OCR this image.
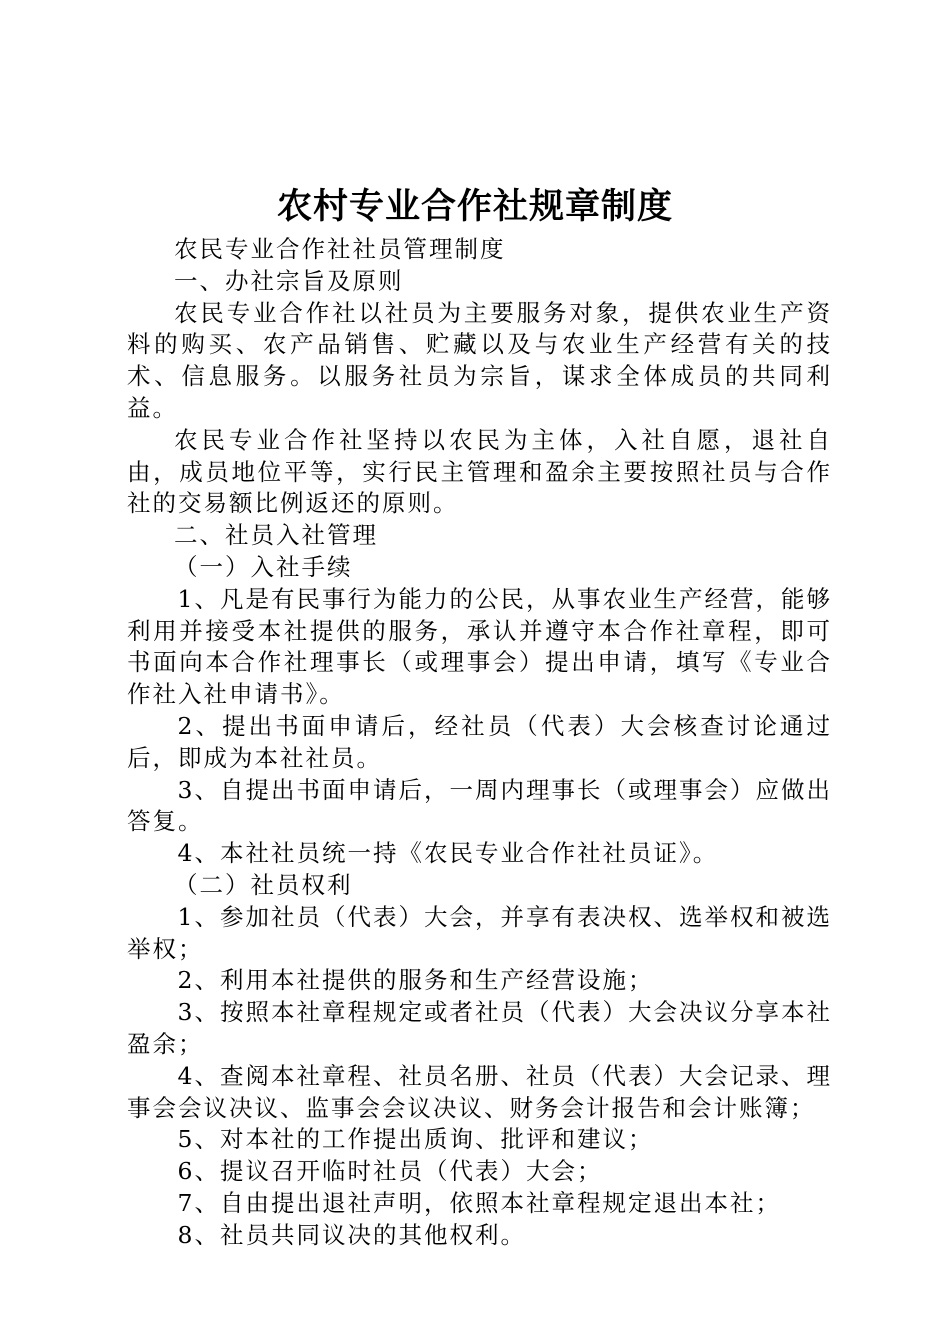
农村专业合作社规章制度

农民专业合作社社员管理制度

一、办社宗旨及原则

农民专业合作社以社员为主要服务对象，提供农业生产资料的购买、农产品销售、贮藏以及与农业生产经营有关的技术、信息服务。以服务社员为宗旨，谋求全体成员的共同利益。

农民专业合作社坚持以农民为主体，入社自愿，退社自由，成员地位平等，实行民主管理和盈余主要按照社员与合作社的交易额比例返还的原则。

二、社员入社管理

（一）入社手续

1、凡是有民事行为能力的公民，从事农业生产经营，能够利用并接受本社提供的服务，承认并遵守本合作社章程，即可书面向本合作社理事长（或理事会）提出申请，填写《专业合作社入社申请书》。

2、提出书面申请后，经社员（代表）大会核查讨论通过后，即成为本社社员。

3、自提出书面申请后，一周内理事长（或理事会）应做出答复。

4、本社社员统一持《农民专业合作社社员证》。

（二）社员权利

1、参加社员（代表）大会，并享有表决权、选举权和被选举权；

2、利用本社提供的服务和生产经营设施；

3、按照本社章程规定或者社员（代表）大会决议分享本社盈余；

4、查阅本社章程、社员名册、社员（代表）大会记录、理事会会议决议、监事会会议决议、财务会计报告和会计账簿；

5、对本社的工作提出质询、批评和建议；

6、提议召开临时社员（代表）大会；

7、自由提出退社声明，依照本社章程规定退出本社；

8、社员共同议决的其他权利。
